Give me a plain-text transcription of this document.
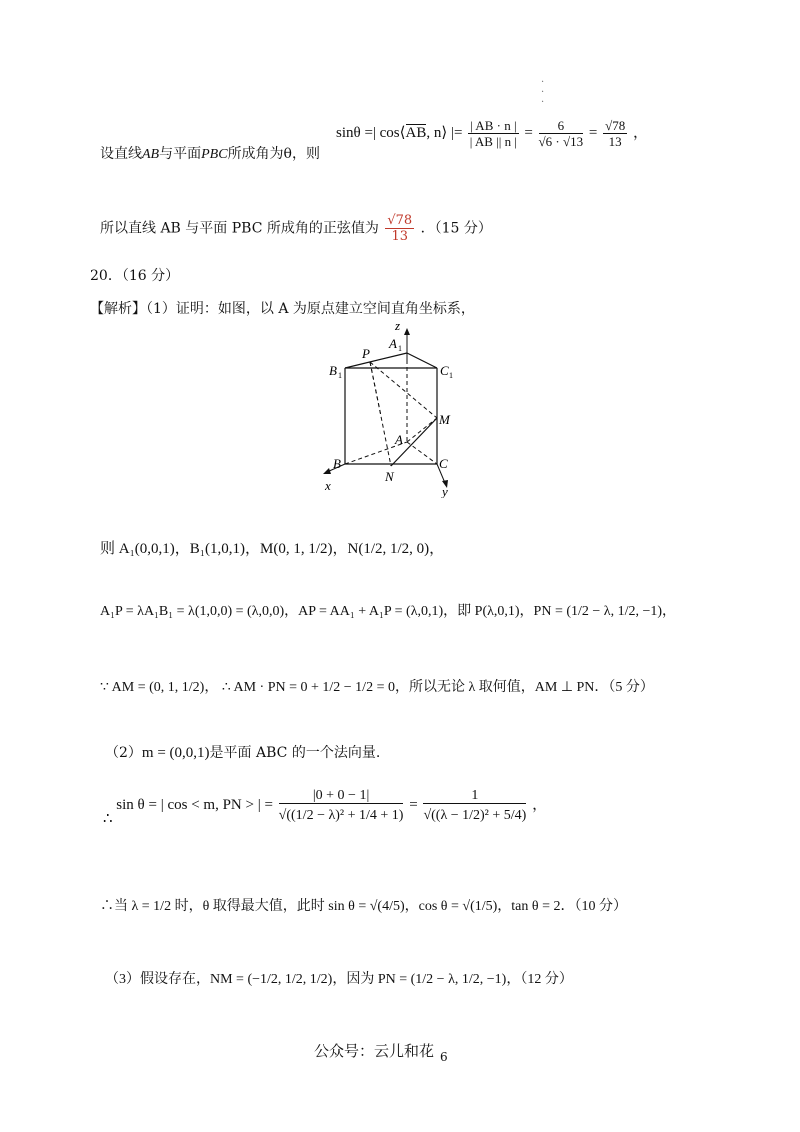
·
·
·
设直线AB与平面PBC所成角为θ，则
sinθ =| cos⟨AB, n⟩ |= $\frac{| AB \cdot n |}{| AB || n |} = \frac{6}{√6 \cdot √13} = \frac{√78}{13}$ ，
所以直线 AB 与平面 PBC 所成角的正弦值为 $\frac{√78}{13}$ ．（15 分）
20．（16 分）
【解析】（1）证明：如图，以 A 为原点建立空间直角坐标系，
z
A 1
P
B 1	C 1
M
A
B	C
N
x	y
则 A₁(0,0,1)，B₁(1,0,1)，M(0, 1, 1/2)，N(1/2, 1/2, 0)，
A₁P = λA₁B₁ = λ(1,0,0) = (λ,0,0)，AP = AA₁ + A₁P = (λ,0,1)，即 P(λ,0,1)，PN = (1/2 − λ, 1/2, −1)，
∵ AM = (0, 1, 1/2)， ∴ AM · PN = 0 + 1/2 − 1/2 = 0，所以无论 λ 取何值，AM ⊥ PN．（5 分）
（2）m = (0,0,1)是平面 ABC 的一个法向量.
∴ sin θ = | cos < m, PN > | = $\frac{|0 + 0 - 1|}{\text{√((1/2 − λ)² + 1/4 + 1)}} = \frac{1}{\text{√((λ − 1/2)² + 5/4)}}$ ，
∴当 λ = 1/2 时，θ 取得最大值，此时 sin θ = √(4/5)，cos θ = √(1/5)，tan θ = 2．（10 分）
（3）假设存在，NM = (−1/2, 1/2, 1/2)，因为 PN = (1/2 − λ, 1/2, −1)，（12 分）
公众号：云儿和花 6
